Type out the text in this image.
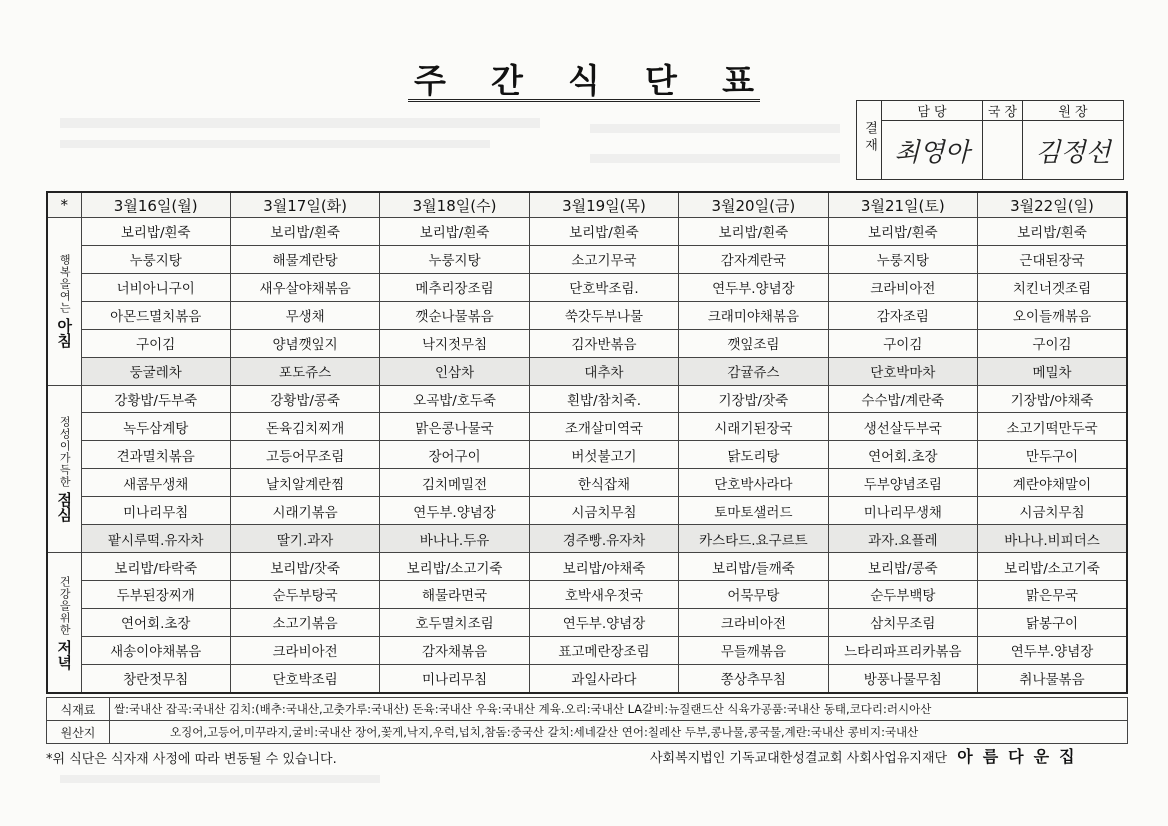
주 간 식 단 표
결 재	담 당	국 장	원 장
	최영아		김정선
*	3월16일(월)	3월17일(화)	3월18일(수)	3월19일(목)	3월20일(금)	3월21일(토)	3월22일(일)

행복을여는
아침	보리밥/흰죽	보리밥/흰죽	보리밥/흰죽	보리밥/흰죽	보리밥/흰죽	보리밥/흰죽	보리밥/흰죽
	누룽지탕	해물계란탕	누룽지탕	소고기무국	감자계란국	누룽지탕	근대된장국
	너비아니구이	새우살야채볶음	메추리장조림	단호박조림.	연두부.양념장	크라비아전	치킨너겟조림
	아몬드멸치볶음	무생채	깻순나물볶음	쑥갓두부나물	크래미야채볶음	감자조림	오이들깨볶음
	구이김	양념깻잎지	낙지젓무침	김자반볶음	깻잎조림	구이김	구이김
	둥굴레차	포도쥬스	인삼차	대추차	감귤쥬스	단호박마차	메밀차

정성이가득한
점심	강황밥/두부죽	강황밥/콩죽	오곡밥/호두죽	흰밥/참치죽.	기장밥/잣죽	수수밥/계란죽	기장밥/야채죽
	녹두삼계탕	돈육김치찌개	맑은콩나물국	조개살미역국	시래기된장국	생선살두부국	소고기떡만두국
	견과멸치볶음	고등어무조림	장어구이	버섯불고기	닭도리탕	연어회.초장	만두구이
	새콤무생채	날치알계란찜	김치메밀전	한식잡채	단호박사라다	두부양념조림	계란야채말이
	미나리무침	시래기볶음	연두부.양념장	시금치무침	토마토샐러드	미나리무생채	시금치무침
	팥시루떡.유자차	딸기.과자	바나나.두유	경주빵.유자차	카스타드.요구르트	과자.요플레	바나나.비피더스

건강을위한
저녁	보리밥/타락죽	보리밥/잣죽	보리밥/소고기죽	보리밥/야채죽	보리밥/들깨죽	보리밥/콩죽	보리밥/소고기죽
	두부된장찌개	순두부탕국	해물라면국	호박새우젓국	어묵무탕	순두부백탕	맑은무국
	연어회.초장	소고기볶음	호두멸치조림	연두부.양념장	크라비아전	삼치무조림	닭봉구이
	새송이야채볶음	크라비아전	감자채볶음	표고메란장조림	무들깨볶음	느타리파프리카볶음	연두부.양념장
	창란젓무침	단호박조림	미나리무침	과일사라다	쫑상추무침	방풍나물무침	취나물볶음
식재료	쌀:국내산 잡곡:국내산 김치:(배추:국내산,고춧가루:국내산) 돈육:국내산 우육:국내산 계육.오리:국내산 LA갈비:뉴질랜드산 식육가공품:국내산 동태,코다리:러시아산
원산지	오징어,고등어,미꾸라지,굴비:국내산 장어,꽃게,낙지,우럭,넙치,참돔:중국산 갈치:세네갈산 연어:칠레산 두부,콩나물,콩국물,계란:국내산 콩비지:국내산
*위 식단은 식자재 사정에 따라 변동될 수 있습니다.	사회복지법인 기독교대한성결교회 사회사업유지재단 아름다운집
